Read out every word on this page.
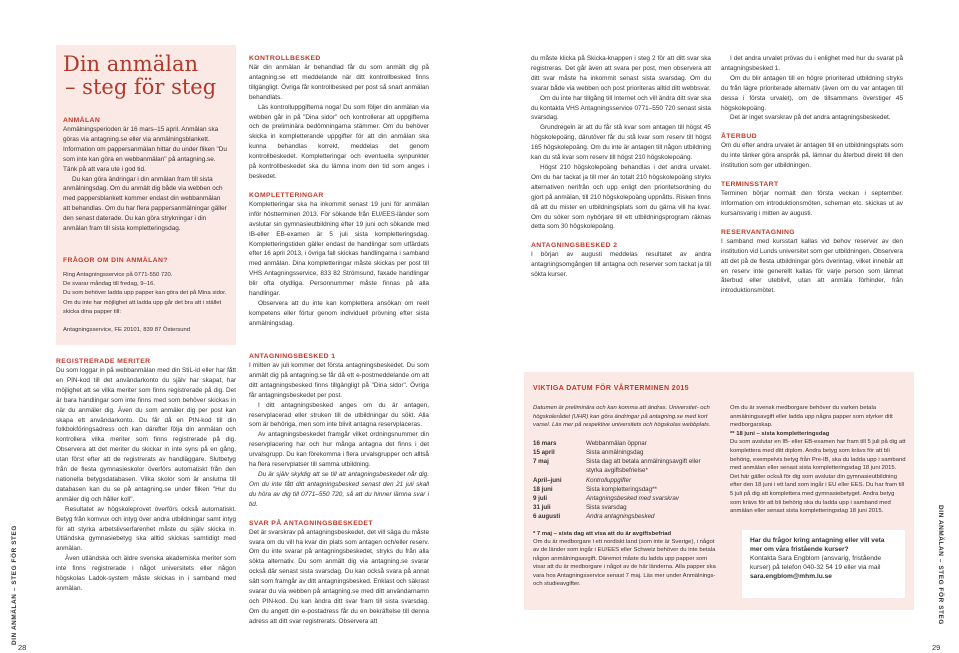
Din anmälan
– steg för steg
ANMÄLAN

Anmälningsperioden är 16 mars–15 april. Anmälan ska göras via antagning.se eller via anmälningsblankett. Information om pappersanmälan hittar du under fliken "Du som inte kan göra en webbanmälan" på antagning.se. Tänk på att vara ute i god tid.

Du kan göra ändringar i din anmälan fram till sista anmälningsdag. Om du anmält dig både via webben och med pappersblankett kommer endast din webbanmälan att behandlas. Om du har flera pappersanmälningar gäller den senast daterade. Du kan göra strykningar i din anmälan fram till sista kompletteringsdag.

FRÅGOR OM DIN ANMÄLAN?

Ring Antagningsservice på 0771-550 720.

De svarar måndag till fredag, 9–16.

Du som behöver ladda upp papper kan göra det på Mina sidor. Om du inte har möjlighet att ladda upp går det bra att i stället skicka dina papper till:

Antagningsservice, FE 20101, 839 87 Östersund

KONTROLLBESKED

När din anmälan är behandlad får du som anmält dig på antagning.se ett meddelande när ditt kontrollbesked finns tillgängligt. Övriga får kontrollbesked per post så snart anmälan behandlats.

Läs kontrolluppgifterna noga! Du som följer din anmälan via webben går in på "Dina sidor" och kontrollerar att uppgifterna och de preliminära bedömningarna stämmer. Om du behöver skicka in kompletterande uppgifter för att din anmälan ska kunna behandlas korrekt, meddelas det genom kontrollbeskedet. Kompletteringar och eventuella synpunkter på kontrollbeskedet ska du lämna inom den tid som anges i beskedet.

KOMPLETTERINGAR

Kompletteringar ska ha inkommit senast 19 juni för anmälan inför höstterminen 2013. För sökande från EU/EES-länder som avslutar sin gymnasieutbildning efter 19 juni och sökande med IB-eller EB-examen är 5 juli sista kompletteringsdag. Kompletteringstiden gäller endast de handlingar som utfärdats efter 16 april 2013, i övriga fall skickas handlingarna i samband med anmälan. Dina kompletteringar måste skickas per post till VHS Antagningsservice, 833 82 Strömsund, faxade handlingar blir ofta otydliga. Personnummer måste finnas på alla handlingar.

Observera att du inte kan komplettera ansökan om reell kompetens eller förtur genom individuell prövning efter sista anmälningsdag.

REGISTRERADE MERITER

Du som loggar in på webbanmälan med din StiL-id eller har fått en PIN-kod till det användarkonto du själv har skapat, har möjlighet att se vilka meriter som finns registrerade på dig. Det är bara handlingar som inte finns med som behöver skickas in när du anmäler dig. Även du som anmäler dig per post kan skapa ett användarkonto. Du får då en PIN-kod till din folkbokföringsadress och kan därefter följa din anmälan och kontrollera vilka meriter som finns registrerade på dig. Observera att det meriter du skickar in inte syns på en gång, utan först efter att de registrerats av handläggare. Slutbetyg från de flesta gymnasieskolor överförs automatiskt från den nationella betygsdatabasen. Vilka skolor som är anslutna till databasen kan du se på antagning.se under fliken "Hur du anmäler dig och håller koll".

Resultatet av högskoleprovet överförs också automatiskt. Betyg från komvux och intyg över andra utbildningar samt intyg för att styrka arbetslivserfarenhet måste du själv skicka in. Utländska gymnasiebetyg ska alltid skickas samtidigt med anmälan.

Även utländska och äldre svenska akademiska meriter som inte finns registrerade i något universitets eller någon högskolas Ladok-system måste skickas in i samband med anmälan.

ANTAGNINGSBESKED 1

I mitten av juli kommer det första antagningsbeskedet. Du som anmält dig på antagning.se får då ett e-postmeddelande om att ditt antagningsbesked finns tillgängligt på "Dina sidor". Övriga får antagningsbeskedet per post.

I ditt antagningsbesked anges om du är antagen, reservplacerad eller struken till de utbildningar du sökt. Alla som är behöriga, men som inte blivit antagna reservplaceras.

Av antagningsbeskedet framgår vilket ordningsnummer din reservplacering har och hur många antagna det finns i det urvalsgrupp. Du kan förekomma i flera urvalsgrupper och alltså ha flera reservplatser till samma utbildning.

Du är själv skyldig att se till att antagningsbeskedet når dig. Om du inte fått ditt antagningsbesked senast den 21 juli skall du höra av dig till 0771–550 720, så att du hinner lämna svar i tid.

SVAR PÅ ANTAGNINGSBESKEDET

Det är svarskrav på antagningsbeskedet, det vill säga du måste svara om du vill ha kvar din plats som antagen och/eller reserv. Om du inte svarar på antagningsbeskedet, stryks du från alla sökta alternativ. Du som anmält dig via antagning.se svarar också där senast sista svarsdag. Du kan också svara på annat sätt som framgår av ditt antagningsbesked. Enklast och säkrast svarar du via webben på antagning.se med ditt användarnamn och PIN-kod. Du kan ändra ditt svar fram till sista svarsdag. Om du angett din e-postadress får du en bekräftelse till denna adress att ditt svar registrerats. Observera att

DIN ANMÄLAN – STEG FÖR STEG
28

du måste klicka på Skicka-knappen i steg 2 för att ditt svar ska registreras. Det går även att svara per post, men observera att ditt svar måste ha inkommit senast sista svarsdag. Om du svarar både via webben och post prioriteras alltid ditt webbsvar.

Om du inte har tillgång till Internet och vill ändra ditt svar ska du kontakta VHS Antagningsservice 0771–550 720 senast sista svarsdag.

Grundregeln är att du får stå kvar som antagen till högst 45 högskolepoäng, därutöver får du stå kvar som reserv till högst 165 högskolepoäng. Om du inte är antagen till någon utbildning kan du stå kvar som reserv till högst 210 högskolepoäng.

Högst 210 högskolepoäng behandlas i det andra urvalet. Om du har tackat ja till mer än totalt 210 högskolepoäng stryks alternativen nerifrån och upp enligt den prioritetsordning du gjort på anmälan, till 210 högskolepoäng uppnåtts. Risken finns då att du mister en utbildningsplats som du gärna vill ha kvar. Om du söker som nybörjare till ett utbildningsprogram räknas detta som 30 högskolepoäng.

ANTAGNINGSBESKED 2

I början av augusti meddelas resultatet av andra antagningsomgången till antagna och reserver som tackat ja till sökta kurser.

I det andra urvalet prövas du i enlighet med hur du svarat på antagningsbesked 1.

Om du blir antagen till en högre prioriterad utbildning stryks du från lägre prioriterade alternativ (även om du var antagen till dessa i första urvalet), om de tillsammans överstiger 45 högskolepoäng.

Det är inget svarskrav på det andra antagningsbeskedet.

ÅTERBUD

Om du efter andra urvalet är antagen till en utbildningsplats som du inte tänker göra anspråk på, lämnar du återbud direkt till den institution som ger utbildningen.

TERMINSSTART

Terminen börjar normalt den första veckan i september. Information om introduktionsmöten, scheman etc. skickas ut av kursansvarig i mitten av augusti.

RESERVANTAGNING

I samband med kursstart kallas vid behov reserver av den institution vid Lunds universitet som ger utbildningen. Observera att det på de flesta utbildningar görs överintag, vilket innebär att en reserv inte generellt kallas för varje person som lämnat återbud eller uteblivit, utan att anmäla förhinder, från introduktionsmötet.

VIKTIGA DATUM FÖR VÅRTERMINEN 2015

Datumen är preliminära och kan komma att ändras. Universitet- och högskolerådet (UHR) kan göra ändringar på antagning.se med kort varsel. Läs mer på respektive universitets och högskolas webbplats.

16 mars	Webbanmälan öppnar
15 april	Sista anmälningsdag
7 maj	Sista dag att betala anmälningsavgift eller styrka avgiftsbefrielse*
April–juni	Kontrolluppgifter
18 juni	Sista kompletteringsdag**
9 juli	Antagningsbesked med svarskrav
31 juli	Sista svarsdag
6 augusti	Andra antagningsbesked

* 7 maj – sista dag att visa att du är avgiftsbefriad

Om du är medborgare i ett nordiskt land (som inte är Sverige), i något av de länder som ingår i EU/EES eller Schweiz behöver du inte betala någon anmälningsavgift. Däremot måste du ladda upp papper som visar att du är medborgare i något av de här länderna. Alla papper ska vara hos Antagningsservice senast 7 maj. Läs mer under Anmälnings- och studieavgifter.

Om du är svensk medborgare behöver du varken betala anmälningsavgift eller ladda upp några papper som styrker ditt medborgarskap.

** 18 juni – sista kompletteringsdag

Du som avslutar en IB- eller EB-examen har fram till 5 juli på dig att komplettera med ditt diplom. Andra betyg som krävs för att bli behörig, exempelvis betyg från Pre-IB, ska du ladda upp i samband med anmälan eller senast sista kompletteringsdag 18 juni 2015. Det här gäller också för dig som avslutar din gymnasieutbildning efter den 18 juni i ett land som ingår i EU eller EES. Du har fram till 5 juli på dig att komplettera med gymnasiebetyget. Andra betyg som krävs för att bli behörig ska du ladda upp i samband med anmälan eller senast sista kompletteringsdag 18 juni 2015.

Har du frågor kring antagning eller vill veta mer om våra fristående kurser?
Kontakta Sara Engblom (ansvarig, fristående kurser) på telefon 040-32 54 19 eller via mail
sara.engblom@mhm.lu.se	DIN ANMÄLAN – STEG FÖR STEG
29
